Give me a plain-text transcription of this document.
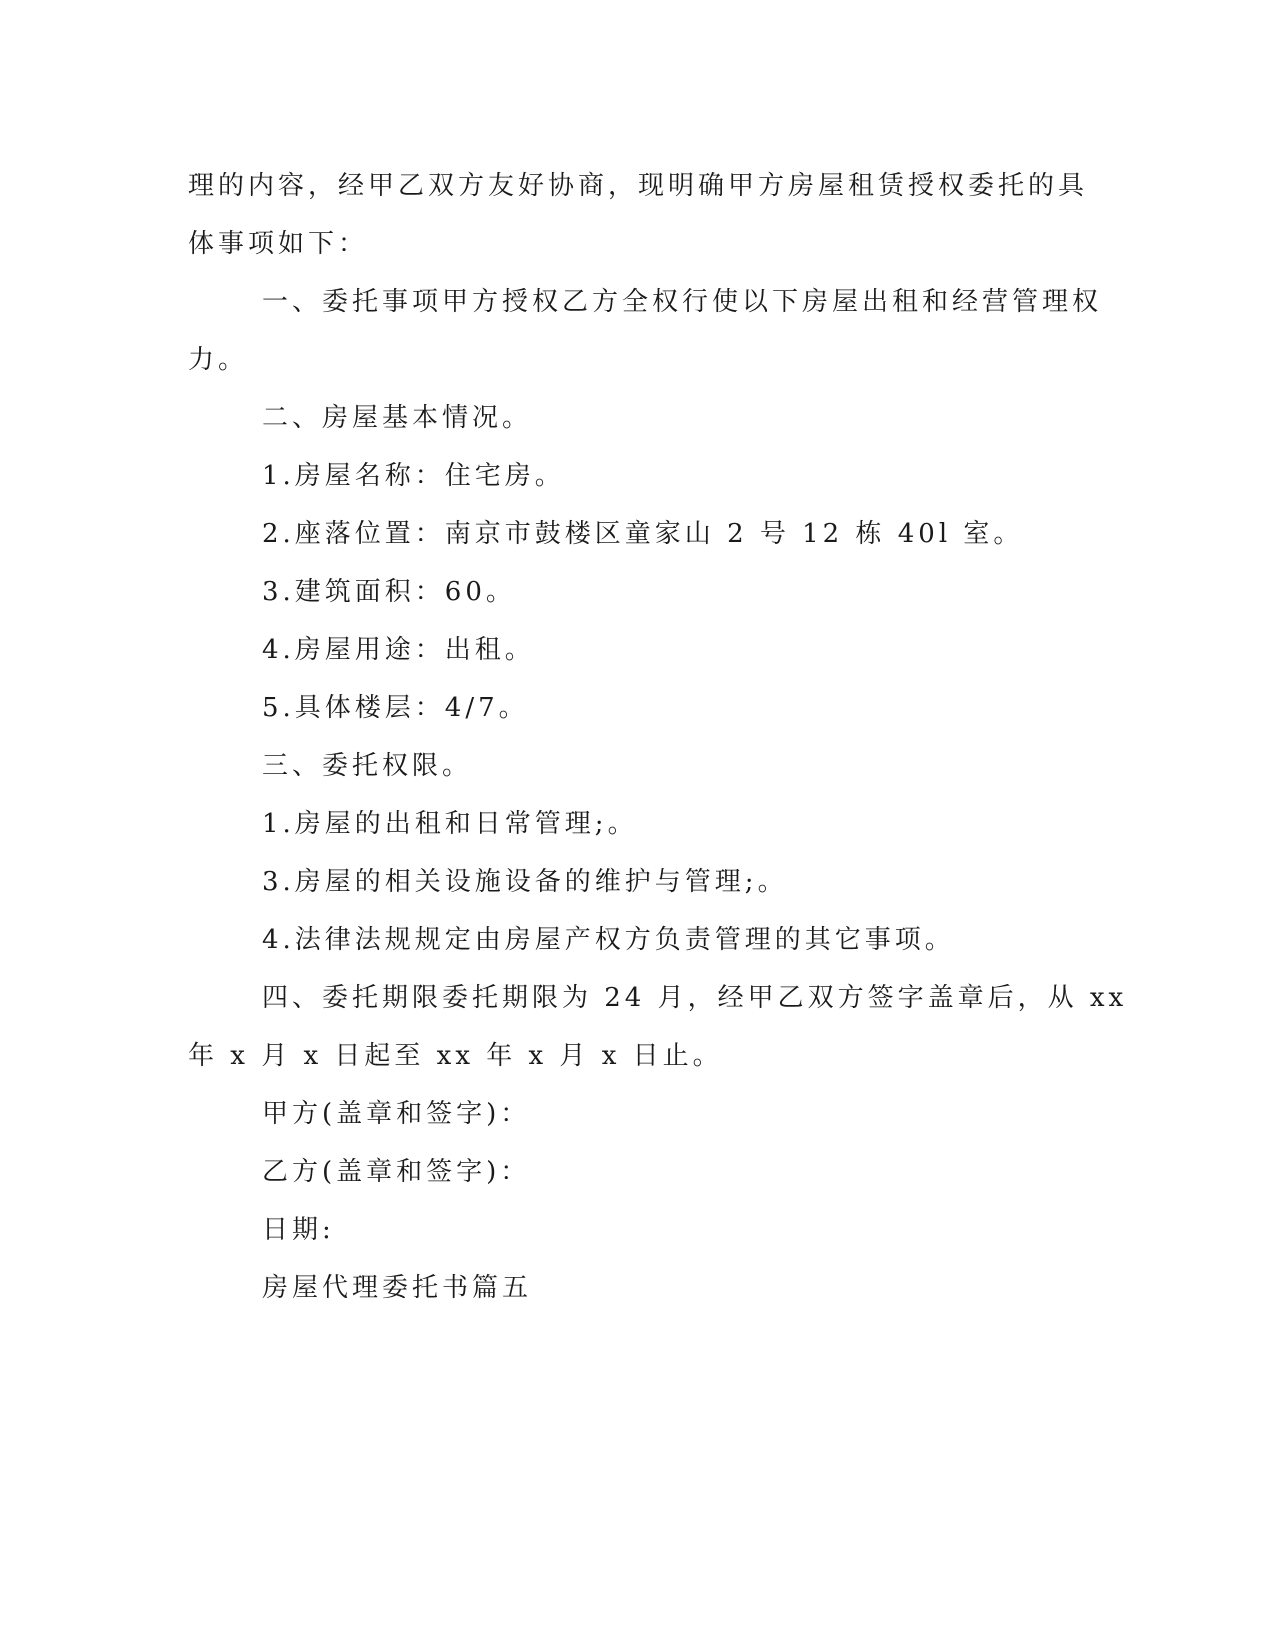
理的内容，经甲乙双方友好协商，现明确甲方房屋租赁授权委托的具
体事项如下：
一、委托事项甲方授权乙方全权行使以下房屋出租和经营管理权
力。
二、房屋基本情况。
1.房屋名称：住宅房。
2.座落位置：南京市鼓楼区童家山 2 号 12 栋 40l 室。
3.建筑面积：60。
4.房屋用途：出租。
5.具体楼层：4/7。
三、委托权限。
1.房屋的出租和日常管理;。
3.房屋的相关设施设备的维护与管理;。
4.法律法规规定由房屋产权方负责管理的其它事项。
四、委托期限委托期限为 24 月，经甲乙双方签字盖章后，从 xx
年 x 月 x 日起至 xx 年 x 月 x 日止。
甲方(盖章和签字)：
乙方(盖章和签字)：
日期:
房屋代理委托书篇五
